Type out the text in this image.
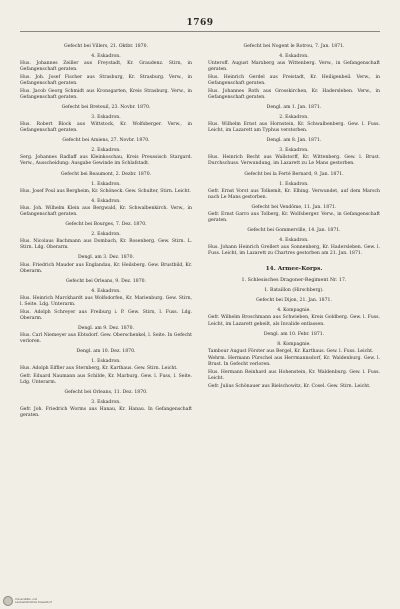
1769
Gefecht bei Villers, 21. Oktbr. 1870.
4. Eskadron.
Hus. Johannes Zeiller aus Freystadt, Kr. Graudenz. Stirn, in Gefangenschaft geraten.
Hus. Joh. Josef Fischer aus Strasburg, Kr. Strasburg. Verw., in Gefangenschaft geraten.
Hus. Jacob Georg Schmidt aus Kronsgarten, Kreis Strasburg. Verw., in Gefangenschaft geraten.
Gefecht bei Breteuil, 23. Novbr. 1870.
3. Eskadron.
Hus. Robert Block aus Wittstock, Kr. Wolfsberger. Verw., in Gefangenschaft geraten.
Gefecht bei Amiens, 27. Novbr. 1870.
2. Eskadron.
Serg. Johannes Radlaff aus Kleinkoschau, Kreis Preussisch Stargard. Verw., Ausscheidung: Ausgabe Gewinde im Schlafstadt.
Gefecht bei Beaumont, 2. Dezbr. 1870.
1. Eskadron.
Hus. Josef Poul aus Bergheim, Kr. Schöneck. Gew. Schulter, Stirn. Leicht.
4. Eskadron.
Hus. Joh. Wilhelm Klein aus Bergwald, Kr. Schwalbenkirch. Verw., in Gefangenschaft geraten.
Gefecht bei Bourges, 7. Dez. 1870.
2. Eskadron.
Hus. Nicolaus Bachmann aus Dombach, Kr. Rosenberg. Gew. Stirn. L. Stirn. Ldg. Oberarm.
Dengl. am 3. Dez. 1870.
Hus. Friedrich Mauder aus Englandau, Kr. Heilsberg. Gew. Brustbild, Kr. Oberarm.
Gefecht bei Orleans, 9. Dez. 1870.
4. Eskadron.
Hus. Heinrich Marckhardt aus Wolfsdorfen, Kr. Marienburg. Gew. Stirn, l. Seite. Ldg. Unterarm.
Hus. Adolph Schreyer aus Freiburg i. P. Gew. Stirn, l. Fuss. Ldg. Oberarm.
Dengl. am 9. Dez. 1870.
Hus. Carl Niemeyer aus Ebtsdorf. Gew. Oberschenkel, l. Seite. In Gefecht verloren.
Dengl. am 10. Dez. 1870.
1. Eskadron.
Hus. Adolph Eiffler aus Sternberg, Kr. Karthaus. Gew. Stirn. Leicht.
Gefr. Eduard Naumann aus Schilde, Kr. Marburg. Gew. l. Fuss, l. Seite. Ldg. Unterarm.
Gefecht bei Orleans, 11. Dez. 1870.
3. Eskadron.
Gefr. Joh. Friedrich Worms aus Hanau, Kr. Hanau. In Gefangenschaft geraten.
Gefecht bei Nogent le Rotrou, 7. Jan. 1871.
4. Eskadron.
Unteroff. August Marxberg aus Wittenberg. Verw., in Gefangenschaft geraten.
Hus. Heinrich Gerdel aus Freistadt, Kr. Heiligenbeil. Verw., in Gefangenschaft geraten.
Hus. Johannes Roth aus Grosskirchen, Kr. Hadersleben. Verw., in Gefangenschaft geraten.
Dengl. am 1. Jan. 1871.
2. Eskadron.
Hus. Wilhelm Ernst aus Hornstein, Kr. Schwalbenberg. Gew. l. Fuss. Leicht, im Lazarett am Typhus verstorben.
Dengl. am 8. Jan. 1871.
3. Eskadron.
Hus. Heinrich Becht aus Wallstorff, Kr. Wittenberg. Gew. l. Brust. Durchschuss. Verwundung, im Lazarett zu Le Mans gestorben.
Gefecht bei la Ferté Bernard, 9. Jan. 1871.
1. Eskadron.
Gefr. Ernst Vorst aus Tolkemit, Kr. Elbing. Verwundet, auf dem Marsch nach Le Mans gestorben.
Gefecht bei Vendôme, 11. Jan. 1871.
Gefr. Ernst Garro aus Tolberg, Kr. Wolfsberger. Verw., in Gefangenschaft geraten.
Gefecht bei Gommerville, 14. Jan. 1871.
4. Eskadron.
Hus. Johann Heinrich Grellert aus Sonnenberg, Kr. Hadersleben. Gew. l. Fuss. Leicht, im Lazarett zu Chartres gestorben am 21. Jan. 1871.
14. Armee-Korps.
1. Schlesisches Dragoner-Regiment Nr. 17.
1. Bataillon (Hirschberg).
Gefecht bei Dijon, 21. Jan. 1871.
4. Kompagnie.
Gefr. Wilhelm Broschmann aus Schwieben, Kreis Goldberg. Gew. l. Fuss. Leicht, im Lazarett geheilt, als Invalide entlassen.
Dengl. am 10. Febr. 1871.
8. Kompagnie.
Tambour August Förster aus Bergel, Kr. Karthaus. Gew. l. Fuss. Leicht.
Wehrm. Hermann Pürschel aus Herrmannsdorf, Kr. Waldenburg. Gew. l. Brust. In Gefecht verloren.
Hus. Hermann Reinhard aus Hohenstein, Kr. Waldenburg. Gew. l. Fuss. Leicht.
Gefr. Julius Schönauer aus Bielschowitz, Kr. Cosel. Gew. Stirn. Leicht.
Universitäts- und
Landesbibliothek Düsseldorf
